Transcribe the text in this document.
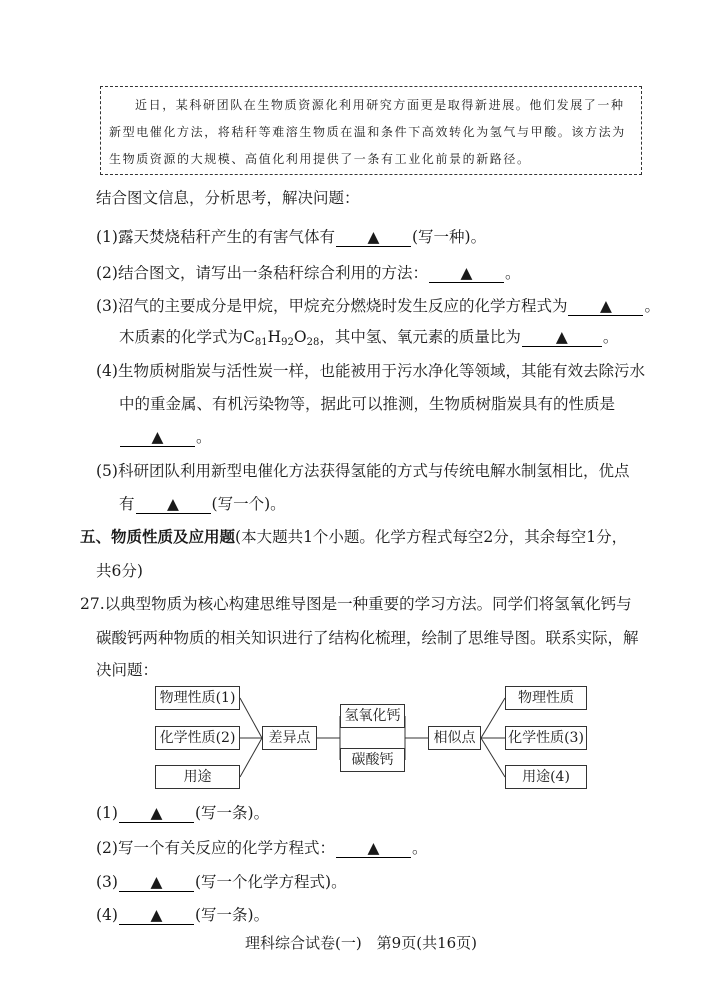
近日，某科研团队在生物质资源化利用研究方面更是取得新进展。他们发展了一种新型电催化方法，将秸秆等难溶生物质在温和条件下高效转化为氢气与甲酸。该方法为生物质资源的大规模、高值化利用提供了一条有工业化前景的新路径。

结合图文信息，分析思考，解决问题：
(1)露天焚烧秸秆产生的有害气体有 ▲ (写一种)。
(2)结合图文，请写出一条秸秆综合利用的方法： ▲ 。
(3)沼气的主要成分是甲烷，甲烷充分燃烧时发生反应的化学方程式为 ▲ 。
木质素的化学式为$C_{81}H_{92}O_{28}$，其中氢、氧元素的质量比为 ▲ 。
(4)生物质树脂炭与活性炭一样，也能被用于污水净化等领域，其能有效去除污水
中的重金属、有机污染物等，据此可以推测，生物质树脂炭具有的性质是
▲ 。
(5)科研团队利用新型电催化方法获得氢能的方式与传统电解水制氢相比，优点
有 ▲ (写一个)。
五、物质性质及应用题(本大题共1个小题。化学方程式每空2分，其余每空1分，
共6分)
27.以典型物质为核心构建思维导图是一种重要的学习方法。同学们将氢氧化钙与
碳酸钙两种物质的相关知识进行了结构化梳理，绘制了思维导图。联系实际，解
决问题：
物理性质(1)
化学性质(2)
用途
差异点
氢氧化钙
碳酸钙
相似点
物理性质
化学性质(3)
用途(4)
(1) ▲ (写一条)。
(2)写一个有关反应的化学方程式： ▲ 。
(3) ▲ (写一个化学方程式)。
(4) ▲ (写一条)。
理科综合试卷(一)　第9页(共16页)
